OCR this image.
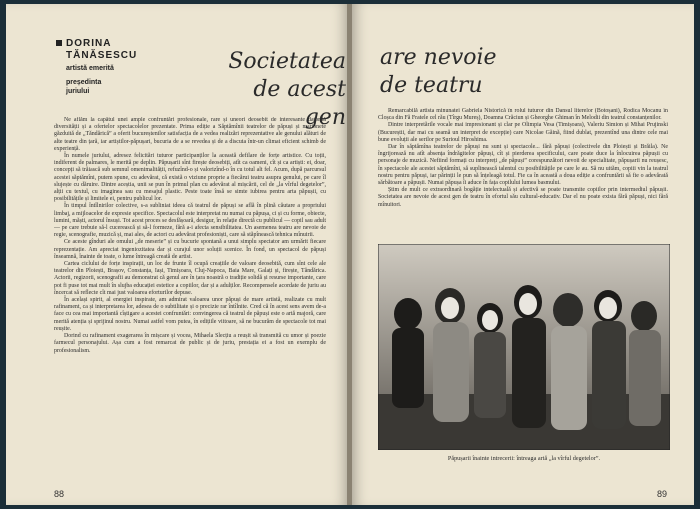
DORINA
TĂNĂSESCU
artistă emerită
președinta
juriului
Societatea
de acest gen

Ne aflăm la capătul unei ample confruntări profesionale, rare și uneori deosebit de interesante datorită diversității și a ofertelor spectacolelor prezentate. Prima ediție a Săptămînii teatrelor de păpuși și marionete găzduită de „Tăndărică” a oferit bucureștenilor satisfacția de a vedea realizări reprezentative ale genului alături de alte teatre din țară, iar artiștilor-păpușari, bucuria de a se revedea și de a discuta într-un climat eficient schimb de experiență.

În numele juriului, adresez felicitări tuturor participanților la această defilare de forțe artistice. Cu toții, indiferent de palmares, le merită pe deplin. Păpușarii sînt firește deosebiți, atît ca oameni, cît și ca artiști: ei, doar, concepți să trăiască sub semnul omenimalității, refuzînd-o și valorizînd-o în cu totul alt fel. Acum, după parcursul acestei săptămîni, putem spune, cu adevărat, că există o viziune proprie a fiecărui teatru asupra genului, pe care îl slujește cu dăruire. Dintre aceștia, unii se pun în primul plan cu adevărat al mișcării, cel de „la vîrful degetelor”, alții cu textul, cu imaginea sau cu mesajul plastic. Peste toate însă se simte iubirea pentru arta păpușii, cu posibilitățile și limitele ei, pentru publicul lor.

În timpul întîlnirilor colective, s-a subliniat ideea că teatrul de păpuși se află în plină căutare a propriului limbaj, a mijloacelor de expresie specifice. Spectacolul este interpretat nu numai cu păpușa, ci și cu forme, obiecte, lumini, măști, actorul însuși. Tot acest proces se desfășoară, desigur, în relație directă cu publicul — copil sau adult — pe care trebuie să-l cucerească și să-l formeze, fără a-i afecta sensibilitatea. Un asemenea teatru are nevoie de regie, scenografie, muzică și, mai ales, de actori cu adevărat profesioniști, care să stăpînească tehnica mînuirii.

Ce aceste gînduri ale omului „de meserie” și cu bucurie spontană a unui simplu spectator am urmărit fiecare reprezentație. Am apreciat ingeniozitatea dar și curajul unor soluții scenice. În fond, un spectacol de păpuși înseamnă, înainte de toate, o lume întreagă creată de artist.

Cartea ciclului de forțe inspirații, un loc de frunte îl ocupă creațiile de valoare deosebită, cum sînt cele ale teatrelor din Ploiești, Brașov, Constanța, Iași, Timișoara, Cluj-Napoca, Baia Mare, Galați și, firește, Tăndărica. Actorii, regizorii, scenografii au demonstrat că genul are în țara noastră o tradiție solidă și resurse importante, care pot fi puse tot mai mult în slujba educației estetice a copiilor, dar și a adulților. Recompensele acordate de juriu au încercat să reflecte cît mai just valoarea eforturilor depuse.

În același spirit, al energiei inspirate, am admirat valoarea unor păpuși de mare artistă, realizate cu mult rafinament, ca și interpretarea lor, adesea de o subtilitate și o precizie rar întîlnite. Cred că în acest sens avem de-a face cu cea mai importantă cîștigare a acestei confruntări: convingerea că teatrul de păpuși este o artă majoră, care merită atenția și sprijinul nostru. Numai astfel vom putea, în edițiile viitoare, să ne bucurăm de spectacole tot mai reușite.

Dorind cu rafinament exagerarea în mișcare și vocea, Mihaela Slecțiu a reușit să transmită cu umor și poezie farmecul personajului. Așa cum a fost remarcat de public și de juriu, prestația ei a fost un exemplu de profesionalism.

88
are nevoie
de teatru

Remarcabilă artista minunatei Gabriela Nistorică în rolul tuturor din Dansul literelor (Botoșani), Rodica Mocanu în Cloșca din Fă Fratele cel rău (Tîrgu Mureș), Doamna Crăciun și Gheorghe Ghiman în Melodii din teatrul constanțenilor.

Dintre interpretările vocale mai impresionant și clar pe Olimpia Vesa (Timișoara), Valeriu Simion și Mihai Prujinski (Bucureștii, dar mai cu seamă un interpret de excepție) care Nicolae Găină, fiind dublat, prezentînd una dintre cele mai bune evoluții ale serilor pe Surioul Hiroshima.

Dar în săptămîna teatrelor de păpuși nu sunt și spectacole... fără păpuși (colectivele din Ploiești și Brăila). Ne îngrijorează nu atît absența îndrăgitelor păpuși, cît și pierderea specificului, care poate duce la înlocuirea păpușii cu personaje de muzică. Nefiind formați cu interpreți „de păpuși” corespunzători nevoii de specialitate, păpușarii nu reușesc, în spectacole ale acestei săptămîni, să suplinească talentul cu posibilitățile pe care le au. Să nu uităm, copiii vin la teatrul nostru pentru păpuși, iar părinții le pun să înțeleagă totul. Fie ca în această a doua ediție a confruntării să fie o adevărată sărbătoare a păpușii. Numai păpușa îi aduce în fața copilului lumea basmului.

Știm de mult ce extraordinară bogăție intelectuală și afectivă se poate transmite copiilor prin intermediul păpușii. Societatea are nevoie de acest gen de teatru în efortul său cultural-educativ. Dar el nu poate exista fără păpuși, nici fără mînuitori.

Păpușarii înainte intrecerii: întreaga artă „la vîrful degetelor”.
89
